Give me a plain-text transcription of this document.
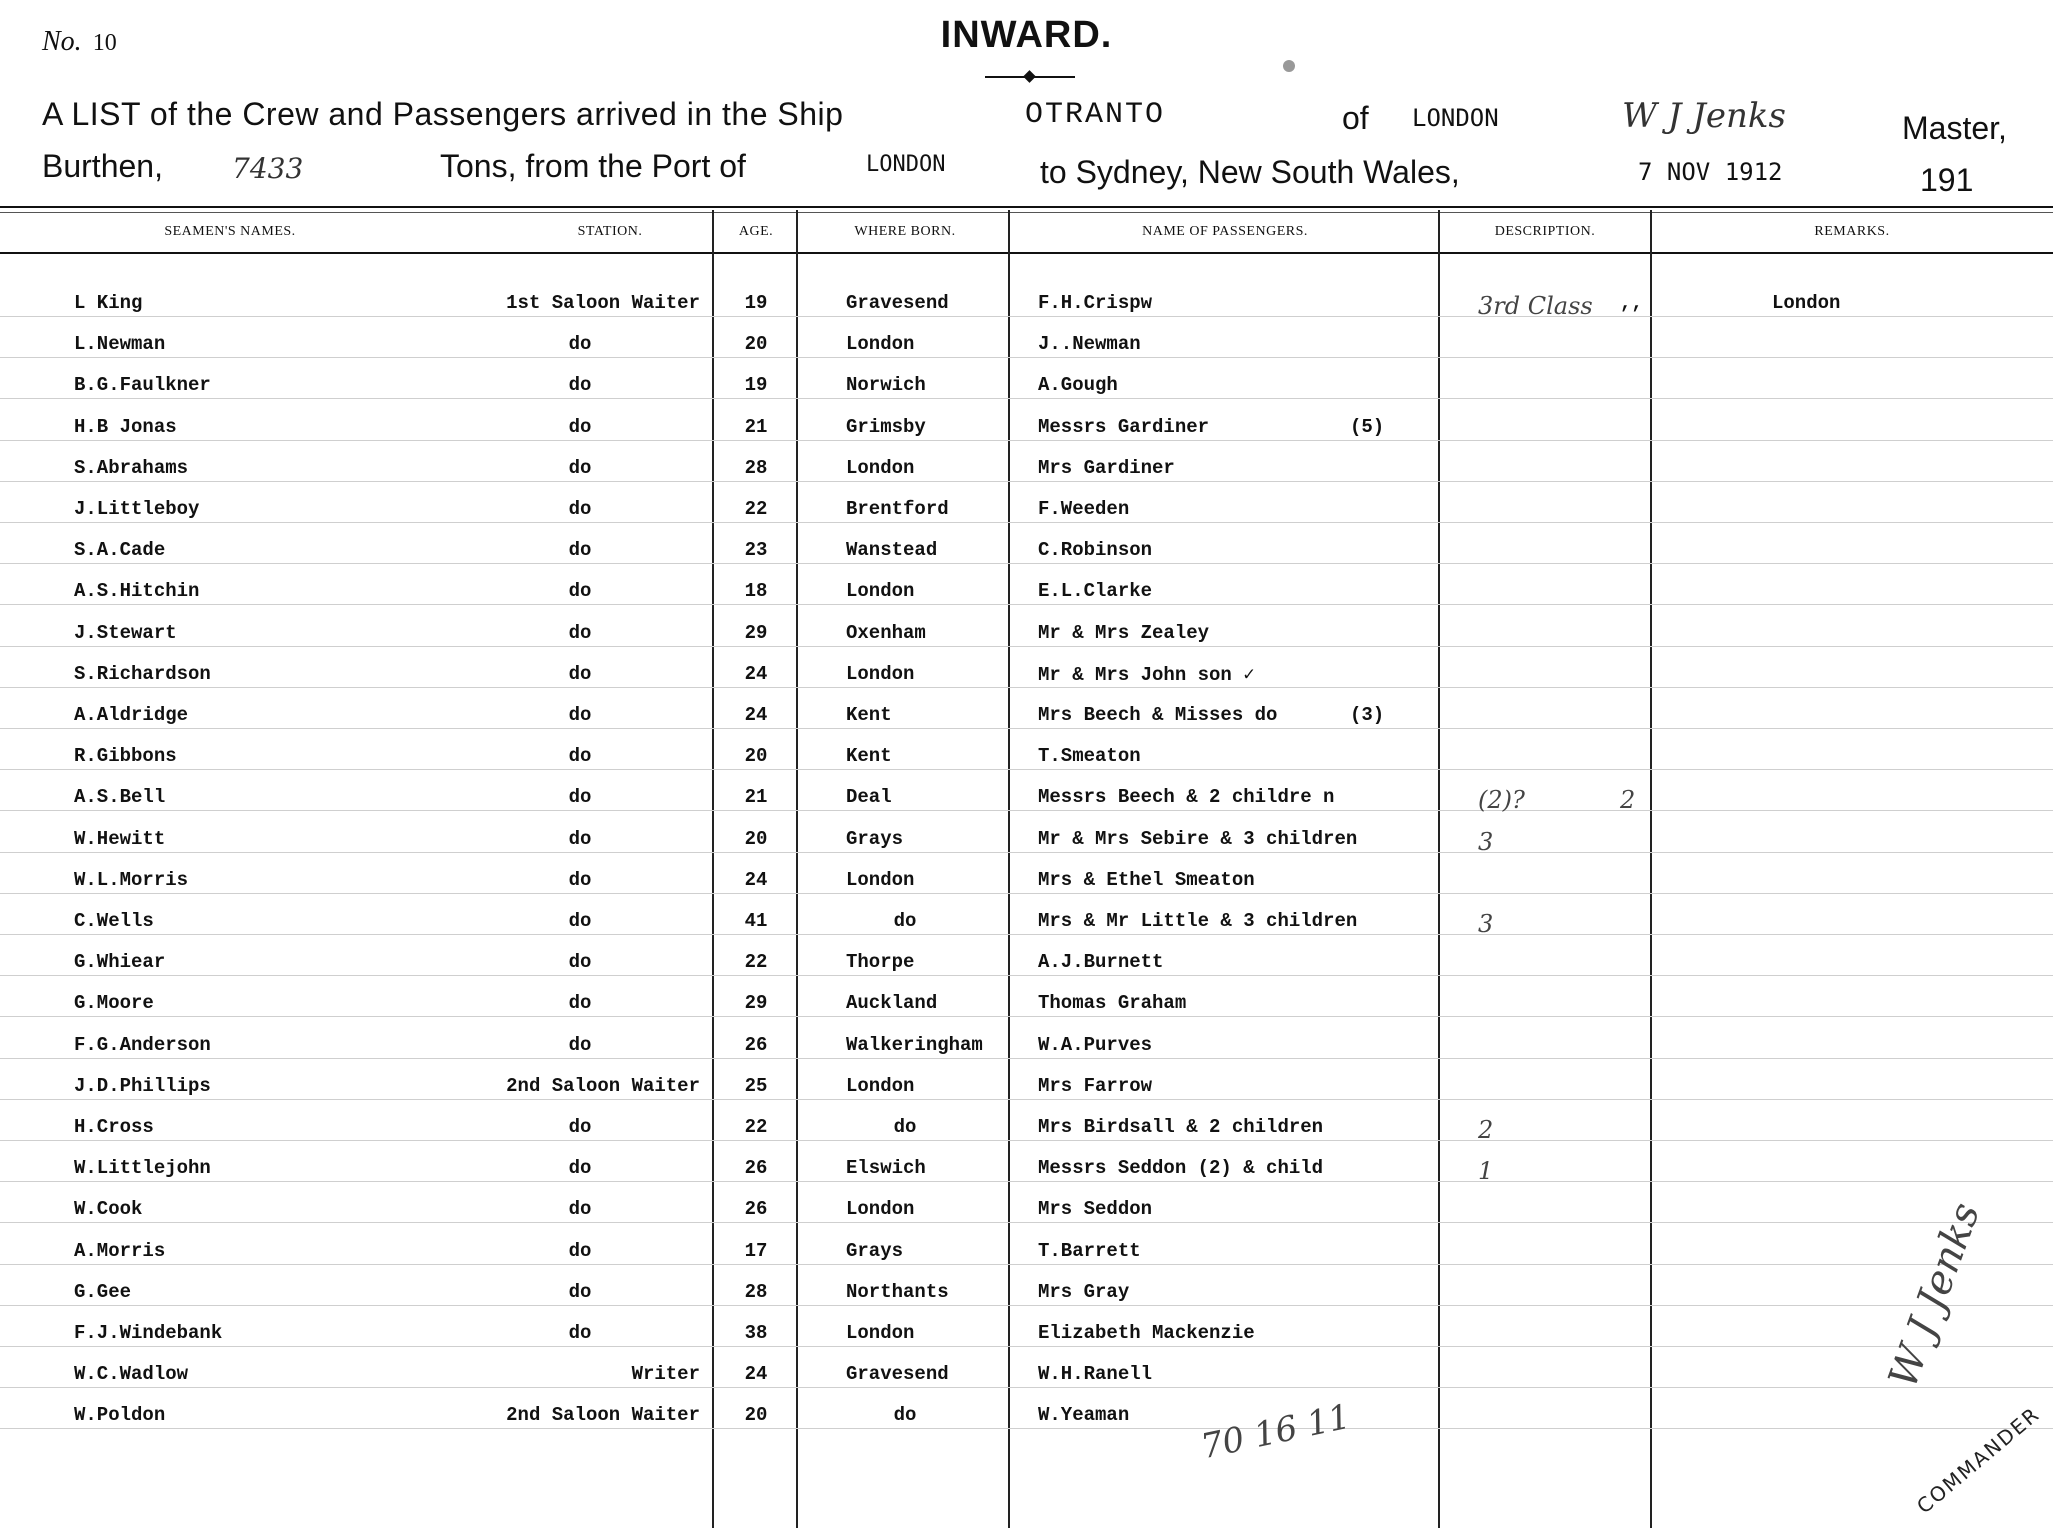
No. 10	INWARD.
A LIST of the Crew and Passengers arrived in the Ship	OTRANTO	of LONDON	W J Jenks	Master,
Burthen, 7433	Tons, from the Port of	LONDON	to Sydney, New South Wales,	7 NOV 1912	191
SEAMEN'S NAMES.	STATION.	AGE.	WHERE BORN.	NAME OF PASSENGERS.	DESCRIPTION.	REMARKS.
L King	1st Saloon Waiter	19	Gravesend	F.H.Crispw	3rd Class ,,	London
L.Newman	do	20	London	J..Newman
B.G.Faulkner	do	19	Norwich	A.Gough
H.B Jonas	do	21	Grimsby	Messrs Gardiner	(5)
S.Abrahams	do	28	London	Mrs Gardiner
J.Littleboy	do	22	Brentford	F.Weeden
S.A.Cade	do	23	Wanstead	C.Robinson
A.S.Hitchin	do	18	London	E.L.Clarke
J.Stewart	do	29	Oxenham	Mr & Mrs Zealey
S.Richardson	do	24	London	Mr & Mrs John son ✓
A.Aldridge	do	24	Kent	Mrs Beech & Misses do	(3)
R.Gibbons	do	20	Kent	T.Smeaton
A.S.Bell	do	21	Deal	Messrs Beech & 2 childre n	(2)?	2
W.Hewitt	do	20	Grays	Mr & Mrs Sebire & 3 children	3
W.L.Morris	do	24	London	Mrs & Ethel Smeaton
C.Wells	do	41	do	Mrs & Mr Little & 3 children	3
G.Whiear	do	22	Thorpe	A.J.Burnett
G.Moore	do	29	Auckland	Thomas Graham
F.G.Anderson	do	26	Walkeringham	W.A.Purves
J.D.Phillips	2nd Saloon Waiter	25	London	Mrs Farrow
H.Cross	do	22	do	Mrs Birdsall & 2 children	2
W.Littlejohn	do	26	Elswich	Messrs Seddon (2) & child	1
W.Cook	do	26	London	Mrs Seddon
A.Morris	do	17	Grays	T.Barrett
G.Gee	do	28	Northants	Mrs Gray
F.J.Windebank	do	38	London	Elizabeth Mackenzie
W.C.Wadlow	Writer	24	Gravesend	W.H.Ranell
W.Poldon	2nd Saloon Waiter	20	do	W.Yeaman 70 16 11
W J Jenks
COMMANDER
